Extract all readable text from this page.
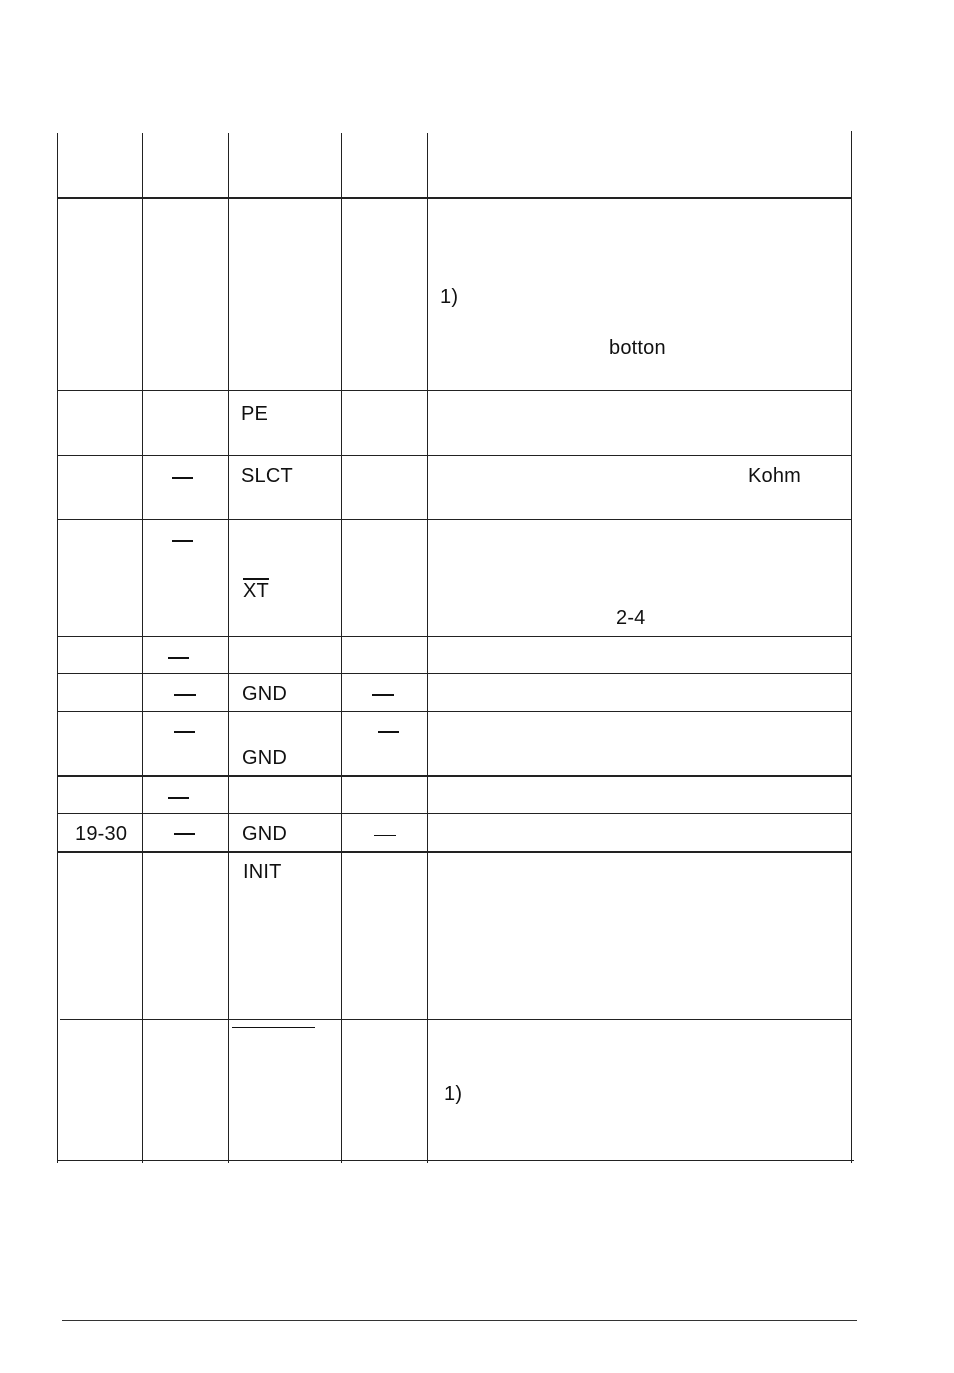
1)
botton
PE
SLCT	Kohm
$\overline{XT}$
2-4
GND
GND
19-30	GND
INIT
1)
